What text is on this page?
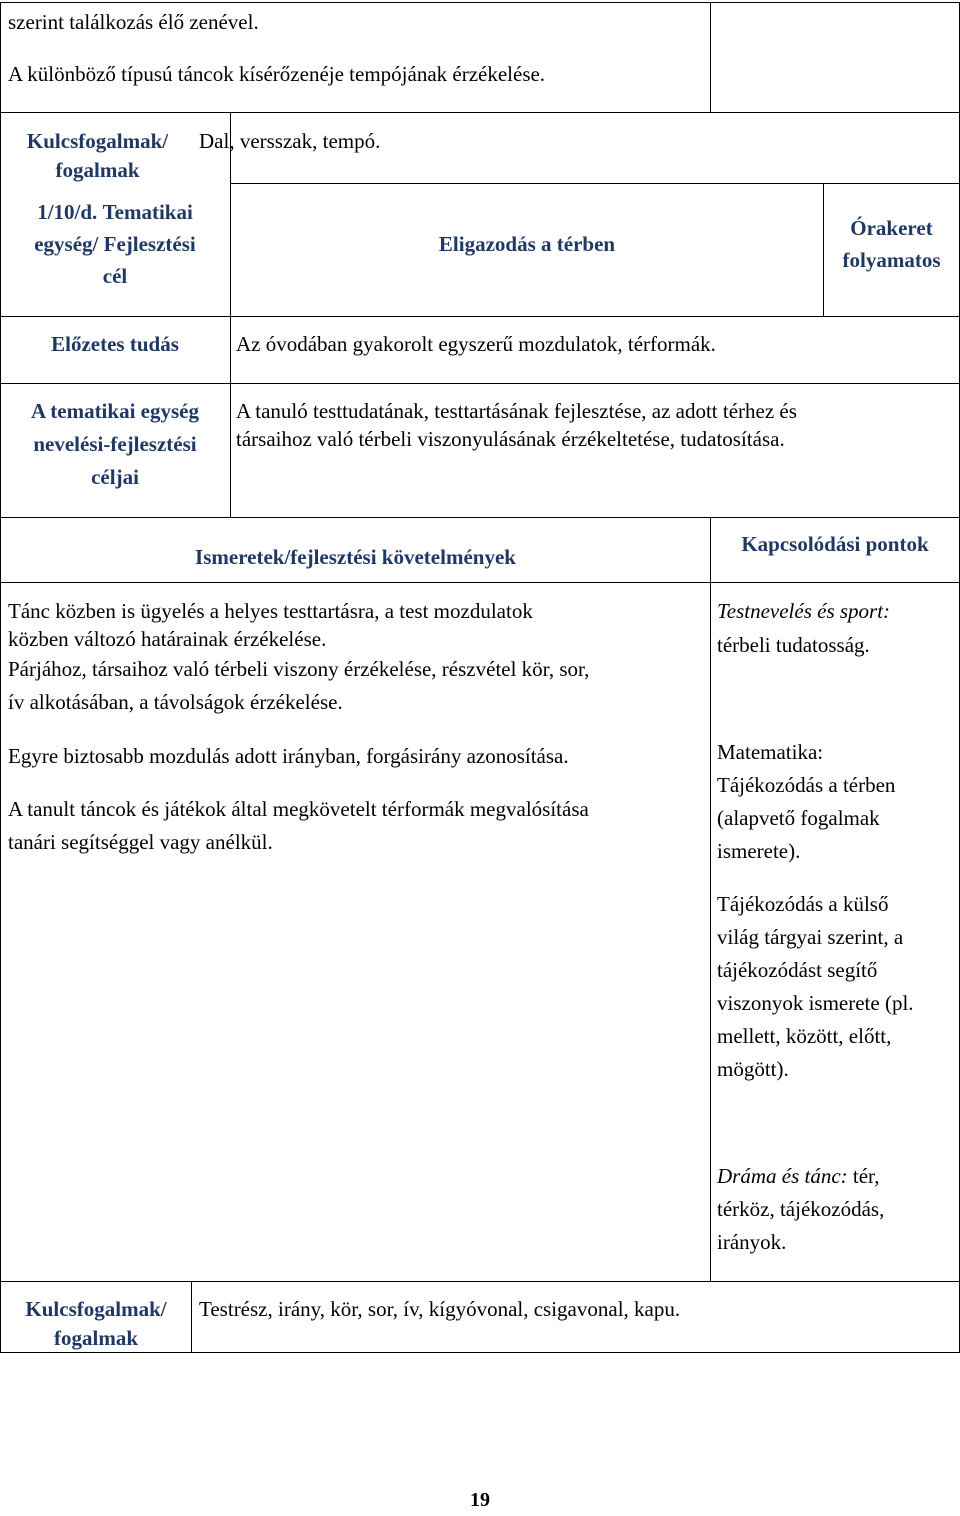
szerint találkozás élő zenével.
A különböző típusú táncok kísérőzenéje tempójának érzékelése.
Kulcsfogalmak/
fogalmak
Dal, versszak, tempó.
1/10/d. Tematikai
egység/ Fejlesztési
cél
Eligazodás a térben
Órakeret
folyamatos
Előzetes tudás	Az óvodában gyakorolt egyszerű mozdulatok, térformák.
A tematikai egység
nevelési-fejlesztési
céljai
A tanuló testtudatának, testtartásának fejlesztése, az adott térhez és
társaihoz való térbeli viszonyulásának érzékeltetése, tudatosítása.
Ismeretek/fejlesztési követelmények
Kapcsolódási pontok
Tánc közben is ügyelés a helyes testtartásra, a test mozdulatok
közben változó határainak érzékelése.
Párjához, társaihoz való térbeli viszony érzékelése, részvétel kör, sor,
ív alkotásában, a távolságok érzékelése.
Egyre biztosabb mozdulás adott irányban, forgásirány azonosítása.
A tanult táncok és játékok által megkövetelt térformák megvalósítása
tanári segítséggel vagy anélkül.
Testnevelés és sport:
térbeli tudatosság.
Matematika:
Tájékozódás a térben
(alapvető fogalmak
ismerete).
Tájékozódás a külső
világ tárgyai szerint, a
tájékozódást segítő
viszonyok ismerete (pl.
mellett, között, előtt,
mögött).
Dráma és tánc: tér,
térköz, tájékozódás,
irányok.
Kulcsfogalmak/
fogalmak
Testrész, irány, kör, sor, ív, kígyóvonal, csigavonal, kapu.
19
